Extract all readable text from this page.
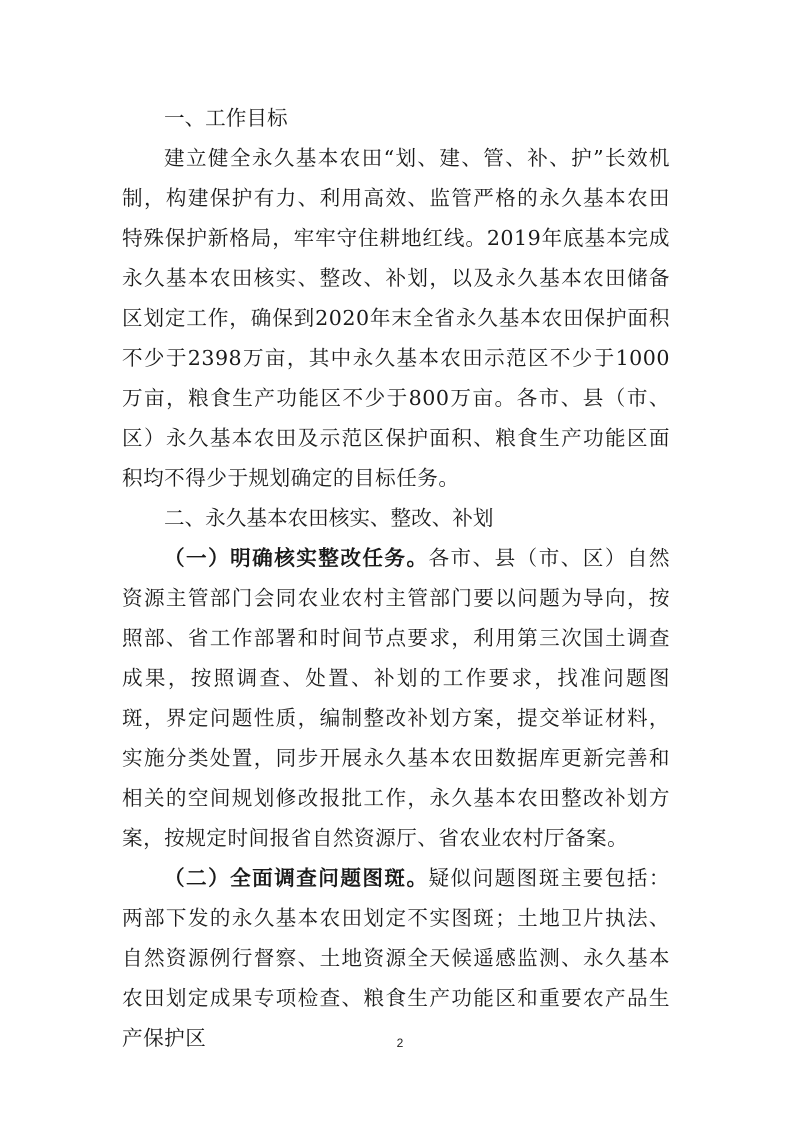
一、工作目标

建立健全永久基本农田“划、建、管、补、护”长效机制，构建保护有力、利用高效、监管严格的永久基本农田特殊保护新格局，牢牢守住耕地红线。2019年底基本完成永久基本农田核实、整改、补划，以及永久基本农田储备区划定工作，确保到2020年末全省永久基本农田保护面积不少于2398万亩，其中永久基本农田示范区不少于1000万亩，粮食生产功能区不少于800万亩。各市、县（市、区）永久基本农田及示范区保护面积、粮食生产功能区面积均不得少于规划确定的目标任务。

二、永久基本农田核实、整改、补划

（一）明确核实整改任务。各市、县（市、区）自然资源主管部门会同农业农村主管部门要以问题为导向，按照部、省工作部署和时间节点要求，利用第三次国土调查成果，按照调查、处置、补划的工作要求，找准问题图斑，界定问题性质，编制整改补划方案，提交举证材料，实施分类处置，同步开展永久基本农田数据库更新完善和相关的空间规划修改报批工作，永久基本农田整改补划方案，按规定时间报省自然资源厅、省农业农村厅备案。

（二）全面调查问题图斑。疑似问题图斑主要包括：两部下发的永久基本农田划定不实图斑；土地卫片执法、自然资源例行督察、土地资源全天候遥感监测、永久基本农田划定成果专项检查、粮食生产功能区和重要农产品生产保护区	2
